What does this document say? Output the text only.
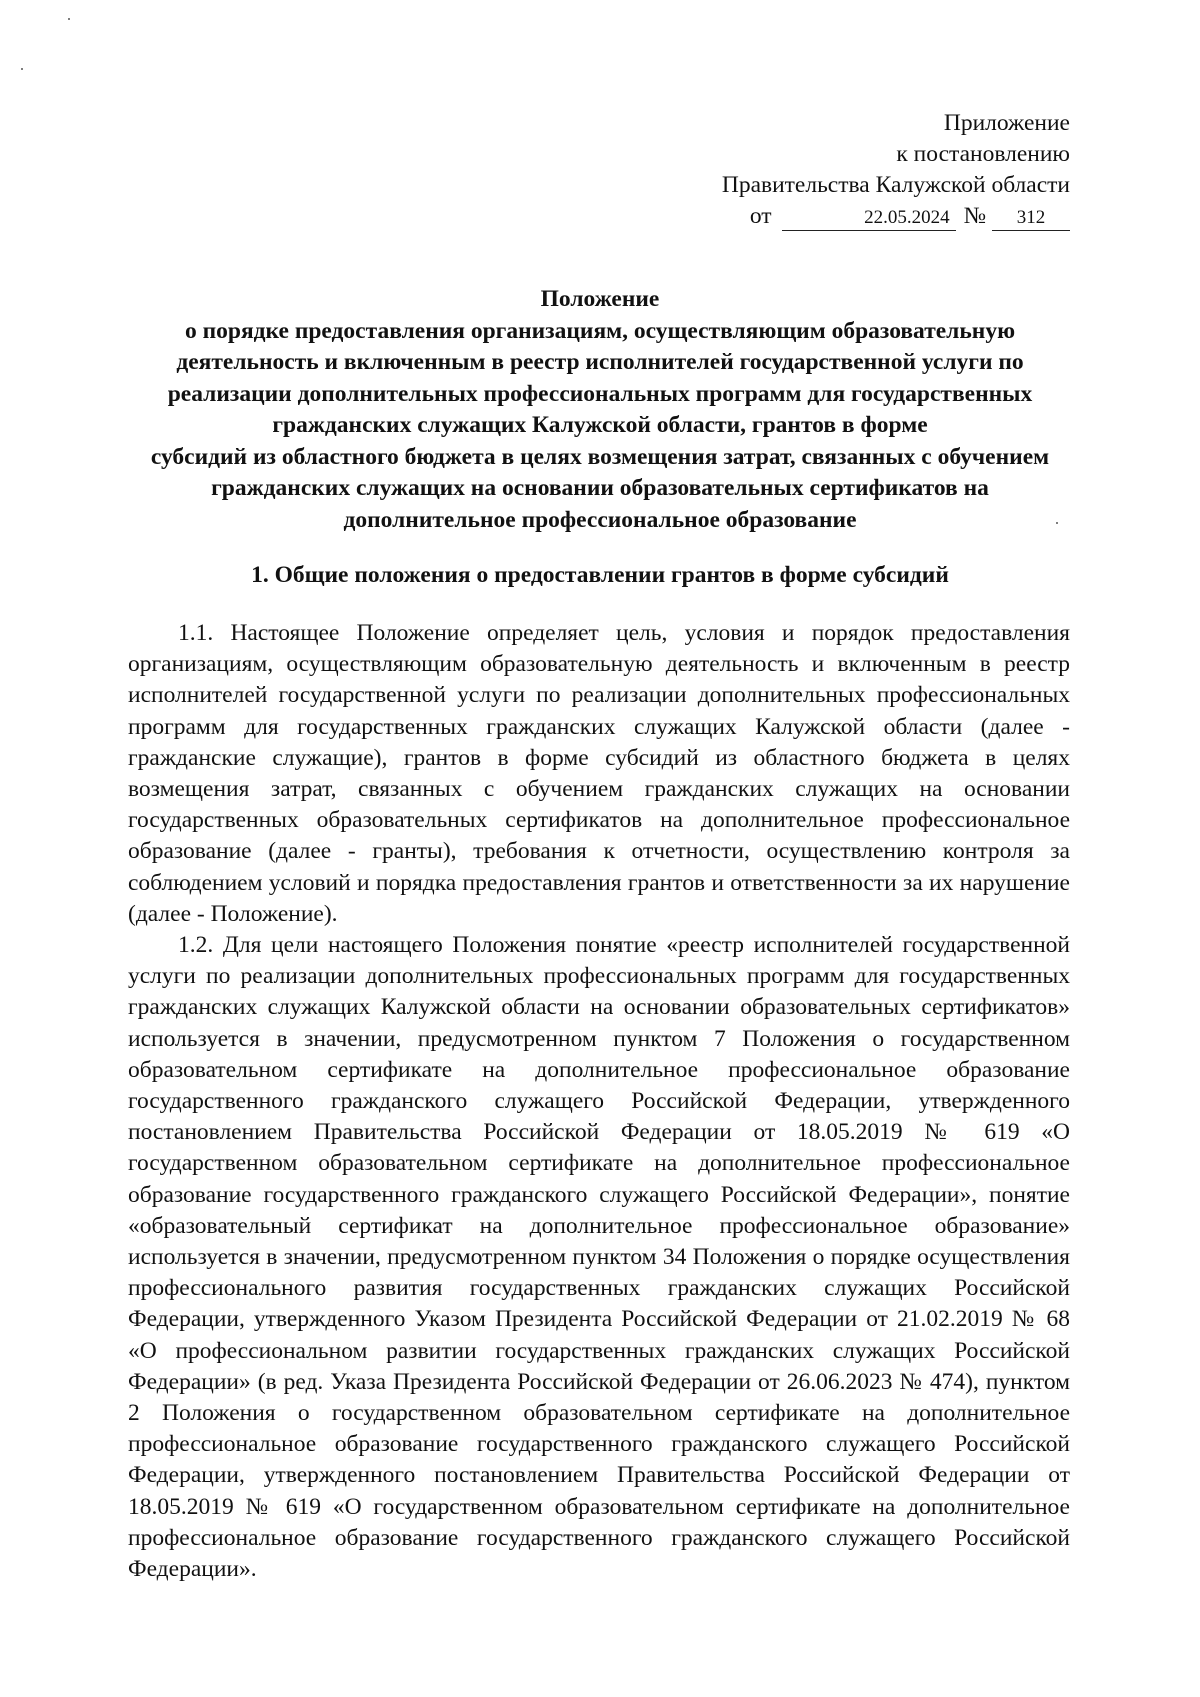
Приложение
к постановлению
Правительства Калужской области
от	22.05.2024 №	312
Положение
о порядке предоставления организациям, осуществляющим образовательную
деятельность и включенным в реестр исполнителей государственной услуги по
реализации дополнительных профессиональных программ для государственных
гражданских служащих Калужской области, грантов в форме
субсидий из областного бюджета в целях возмещения затрат, связанных с обучением
гражданских служащих на основании образовательных сертификатов на
дополнительное профессиональное образование
1. Общие положения о предоставлении грантов в форме субсидий

1.1. Настоящее Положение определяет цель, условия и порядок предоставления организациям, осуществляющим образовательную деятельность и включенным в реестр исполнителей государственной услуги по реализации дополнительных профессиональных программ для государственных гражданских служащих Калужской области (далее - гражданские служащие), грантов в форме субсидий из областного бюджета в целях возмещения затрат, связанных с обучением гражданских служащих на основании государственных образовательных сертификатов на дополнительное профессиональное образование (далее - гранты), требования к отчетности, осуществлению контроля за соблюдением условий и порядка предоставления грантов и ответственности за их нарушение (далее - Положение).

1.2. Для цели настоящего Положения понятие «реестр исполнителей государственной услуги по реализации дополнительных профессиональных программ для государственных гражданских служащих Калужской области на основании образовательных сертификатов» используется в значении, предусмотренном пунктом 7 Положения о государственном образовательном сертификате на дополнительное профессиональное образование государственного гражданского служащего Российской Федерации, утвержденного постановлением Правительства Российской Федерации от 18.05.2019 № 619 «О государственном образовательном сертификате на дополнительное профессиональное образование государственного гражданского служащего Российской Федерации», понятие «образовательный сертификат на дополнительное профессиональное образование» используется в значении, предусмотренном пунктом 34 Положения о порядке осуществления профессионального развития государственных гражданских служащих Российской Федерации, утвержденного Указом Президента Российской Федерации от 21.02.2019 № 68 «О профессиональном развитии государственных гражданских служащих Российской Федерации» (в ред. Указа Президента Российской Федерации от 26.06.2023 № 474), пунктом 2 Положения о государственном образовательном сертификате на дополнительное профессиональное образование государственного гражданского служащего Российской Федерации, утвержденного постановлением Правительства Российской Федерации от 18.05.2019 № 619 «О государственном образовательном сертификате на дополнительное профессиональное образование государственного гражданского служащего Российской Федерации».
